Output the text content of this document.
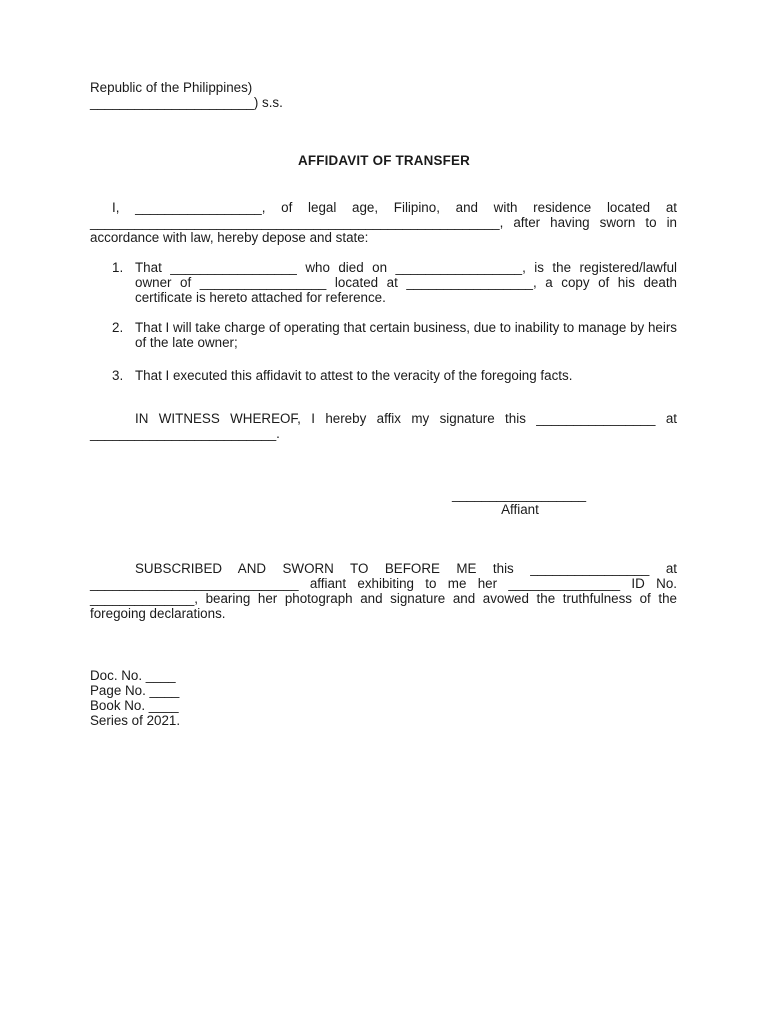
Republic of the Philippines)
______________________) s.s.
AFFIDAVIT OF TRANSFER
I, _________________, of legal age, Filipino, and with residence located at _______________________________________________________, after having sworn to in accordance with law, hereby depose and state:
1. That _________________ who died on _________________, is the registered/lawful owner of _________________ located at _________________, a copy of his death certificate is hereto attached for reference.
2. That I will take charge of operating that certain business, due to inability to manage by heirs of the late owner;
3. That I executed this affidavit to attest to the veracity of the foregoing facts.
IN WITNESS WHEREOF, I hereby affix my signature this ________________ at _________________________.
__________________
Affiant
SUBSCRIBED AND SWORN TO BEFORE ME this ________________ at ____________________________ affiant exhibiting to me her _______________ ID No. ______________, bearing her photograph and signature and avowed the truthfulness of the foregoing declarations.
Doc. No. ____
Page No. ____
Book No. ____
Series of 2021.
